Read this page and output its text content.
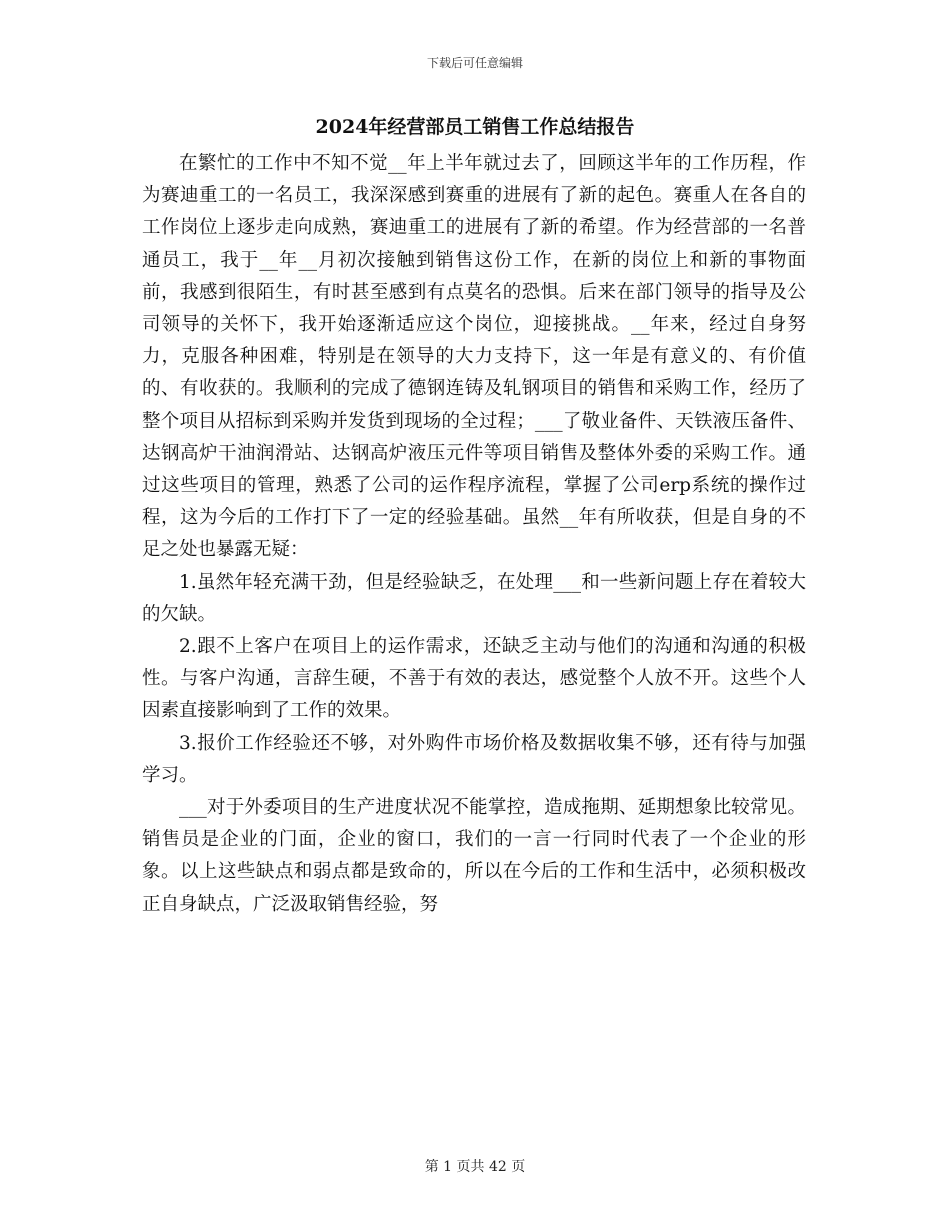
下载后可任意编辑
2024年经营部员工销售工作总结报告

在繁忙的工作中不知不觉__年上半年就过去了，回顾这半年的工作历程，作为赛迪重工的一名员工，我深深感到赛重的进展有了新的起色。赛重人在各自的工作岗位上逐步走向成熟，赛迪重工的进展有了新的希望。作为经营部的一名普通员工，我于__年__月初次接触到销售这份工作，在新的岗位上和新的事物面前，我感到很陌生，有时甚至感到有点莫名的恐惧。后来在部门领导的指导及公司领导的关怀下，我开始逐渐适应这个岗位，迎接挑战。__年来，经过自身努力，克服各种困难，特别是在领导的大力支持下，这一年是有意义的、有价值的、有收获的。我顺利的完成了德钢连铸及轧钢项目的销售和采购工作，经历了整个项目从招标到采购并发货到现场的全过程；___了敬业备件、天铁液压备件、达钢高炉干油润滑站、达钢高炉液压元件等项目销售及整体外委的采购工作。通过这些项目的管理，熟悉了公司的运作程序流程，掌握了公司erp系统的操作过程，这为今后的工作打下了一定的经验基础。虽然__年有所收获，但是自身的不足之处也暴露无疑：

1.虽然年轻充满干劲，但是经验缺乏，在处理___和一些新问题上存在着较大的欠缺。

2.跟不上客户在项目上的运作需求，还缺乏主动与他们的沟通和沟通的积极性。与客户沟通，言辞生硬，不善于有效的表达，感觉整个人放不开。这些个人因素直接影响到了工作的效果。

3.报价工作经验还不够，对外购件市场价格及数据收集不够，还有待与加强学习。

___对于外委项目的生产进度状况不能掌控，造成拖期、延期想象比较常见。销售员是企业的门面，企业的窗口，我们的一言一行同时代表了一个企业的形象。以上这些缺点和弱点都是致命的，所以在今后的工作和生活中，必须积极改正自身缺点，广泛汲取销售经验，努

第 1 页共 42 页
